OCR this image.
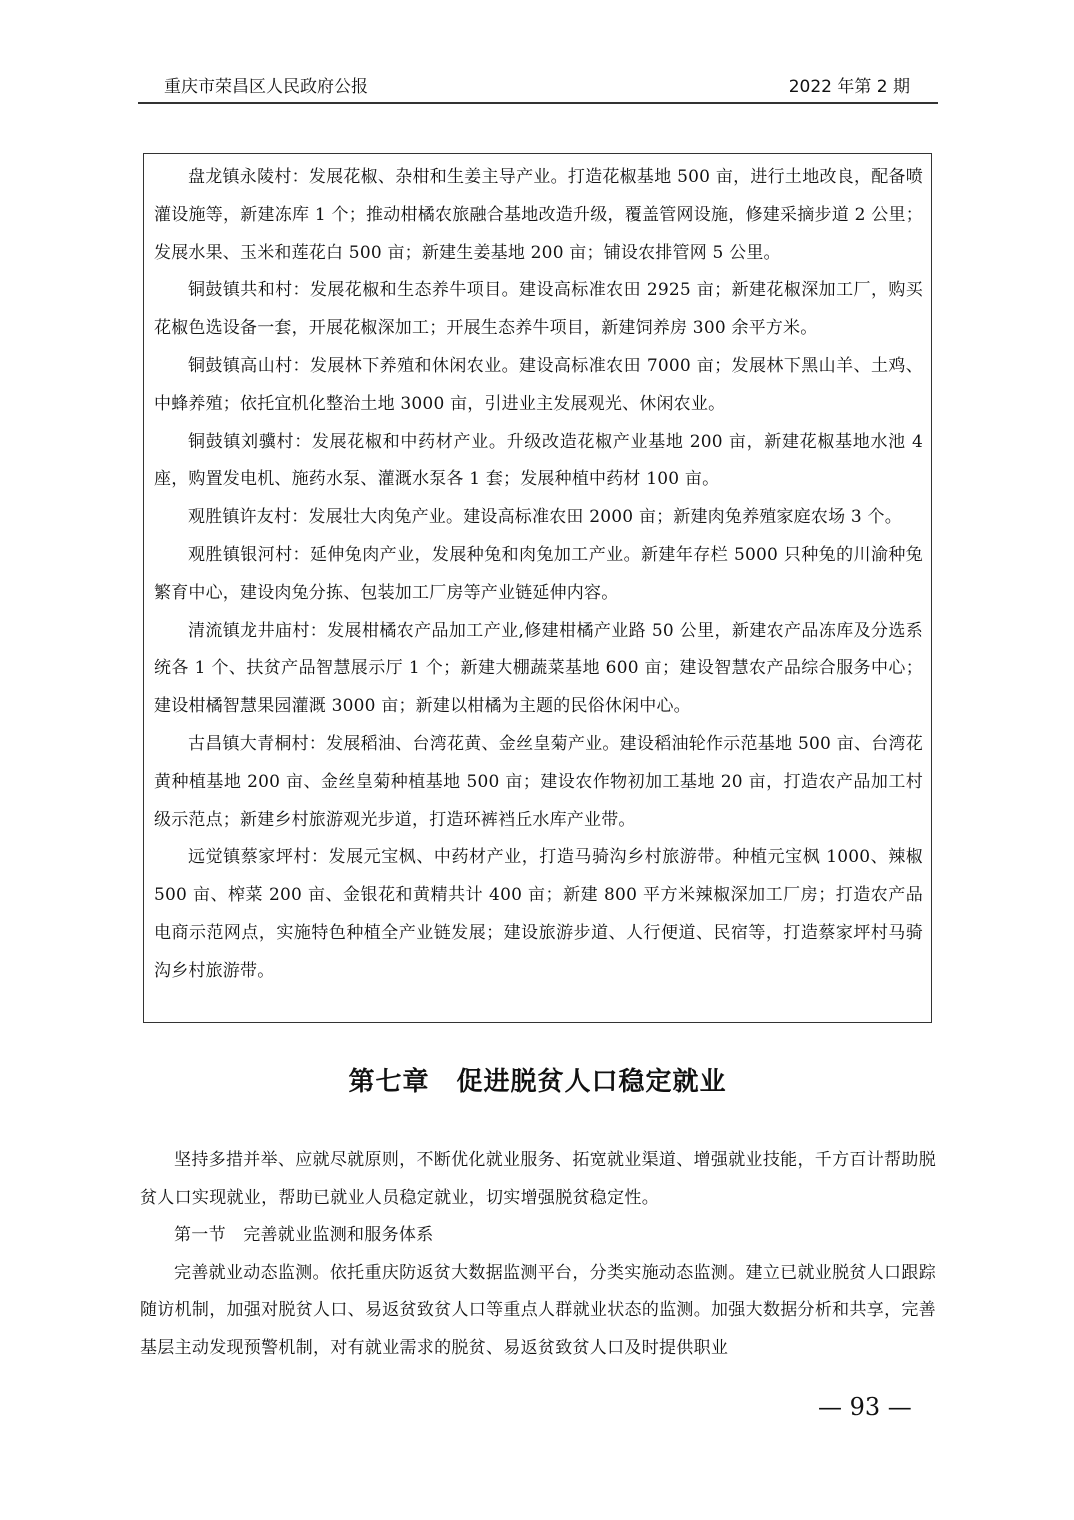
重庆市荣昌区人民政府公报	2022 年第 2 期

盘龙镇永陵村：发展花椒、杂柑和生姜主导产业。打造花椒基地 500 亩，进行土地改良，配备喷灌设施等，新建冻库 1 个；推动柑橘农旅融合基地改造升级，覆盖管网设施，修建采摘步道 2 公里；发展水果、玉米和莲花白 500 亩；新建生姜基地 200 亩；铺设农排管网 5 公里。

铜鼓镇共和村：发展花椒和生态养牛项目。建设高标准农田 2925 亩；新建花椒深加工厂，购买花椒色选设备一套，开展花椒深加工；开展生态养牛项目，新建饲养房 300 余平方米。

铜鼓镇高山村：发展林下养殖和休闲农业。建设高标准农田 7000 亩；发展林下黑山羊、土鸡、中蜂养殖；依托宜机化整治土地 3000 亩，引进业主发展观光、休闲农业。

铜鼓镇刘骥村：发展花椒和中药材产业。升级改造花椒产业基地 200 亩，新建花椒基地水池 4 座，购置发电机、施药水泵、灌溉水泵各 1 套；发展种植中药材 100 亩。

观胜镇许友村：发展壮大肉兔产业。建设高标准农田 2000 亩；新建肉兔养殖家庭农场 3 个。

观胜镇银河村：延伸兔肉产业，发展种兔和肉兔加工产业。新建年存栏 5000 只种兔的川渝种兔繁育中心，建设肉兔分拣、包装加工厂房等产业链延伸内容。

清流镇龙井庙村：发展柑橘农产品加工产业,修建柑橘产业路 50 公里，新建农产品冻库及分选系统各 1 个、扶贫产品智慧展示厅 1 个；新建大棚蔬菜基地 600 亩；建设智慧农产品综合服务中心；建设柑橘智慧果园灌溉 3000 亩；新建以柑橘为主题的民俗休闲中心。

古昌镇大青桐村：发展稻油、台湾花黄、金丝皇菊产业。建设稻油轮作示范基地 500 亩、台湾花黄种植基地 200 亩、金丝皇菊种植基地 500 亩；建设农作物初加工基地 20 亩，打造农产品加工村级示范点；新建乡村旅游观光步道，打造环裤裆丘水库产业带。

远觉镇蔡家坪村：发展元宝枫、中药材产业，打造马骑沟乡村旅游带。种植元宝枫 1000、辣椒 500 亩、榨菜 200 亩、金银花和黄精共计 400 亩；新建 800 平方米辣椒深加工厂房；打造农产品电商示范网点，实施特色种植全产业链发展；建设旅游步道、人行便道、民宿等，打造蔡家坪村马骑沟乡村旅游带。

第七章　促进脱贫人口稳定就业

坚持多措并举、应就尽就原则，不断优化就业服务、拓宽就业渠道、增强就业技能，千方百计帮助脱贫人口实现就业，帮助已就业人员稳定就业，切实增强脱贫稳定性。

第一节　完善就业监测和服务体系

完善就业动态监测。依托重庆防返贫大数据监测平台，分类实施动态监测。建立已就业脱贫人口跟踪随访机制，加强对脱贫人口、易返贫致贫人口等重点人群就业状态的监测。加强大数据分析和共享，完善基层主动发现预警机制，对有就业需求的脱贫、易返贫致贫人口及时提供职业

— 93 —
